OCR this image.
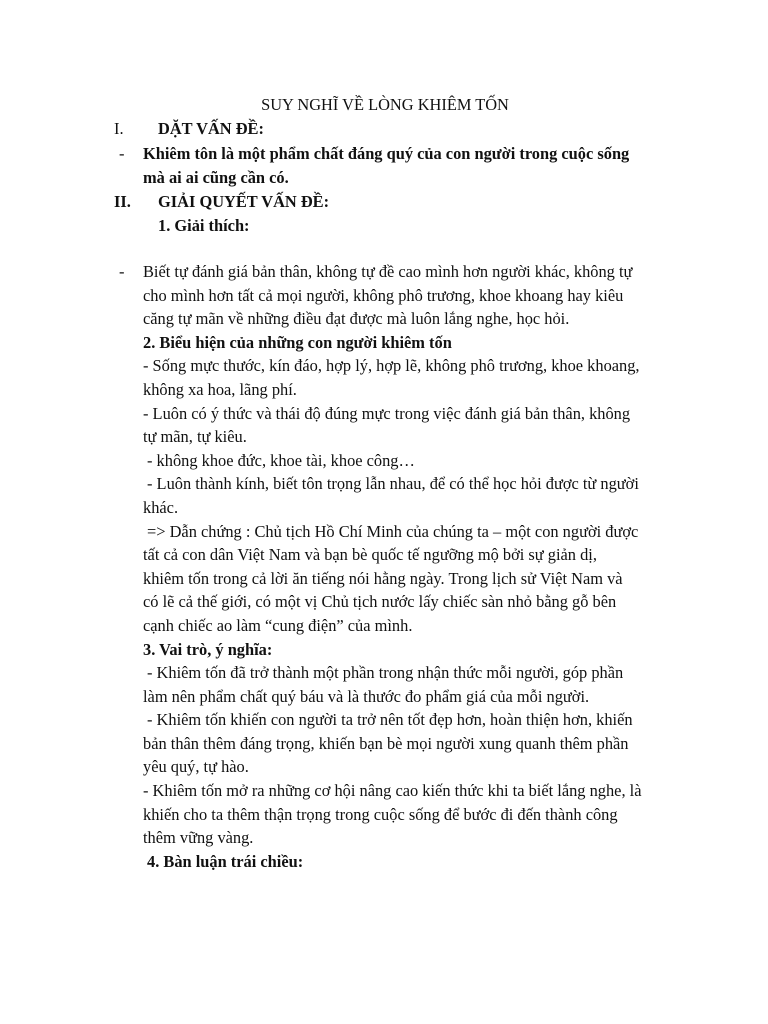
SUY NGHĨ VỀ LÒNG KHIÊM TỐN
I. DẶT VẤN ĐỀ:
- Khiêm tôn là một phẩm chất đáng quý của con người trong cuộc sống

mà ai ai cũng cần có.

II. GIẢI QUYẾT VẤN ĐỀ:
1. Giải thích:
- Biết tự đánh giá bản thân, không tự đề cao mình hơn người khác, không tự

cho mình hơn tất cả mọi người, không phô trương, khoe khoang hay kiêu

căng tự mãn về những điều đạt được mà luôn lắng nghe, học hỏi.

2. Biểu hiện của những con người khiêm tốn

- Sống mực thước, kín đáo, hợp lý, hợp lẽ, không phô trương, khoe khoang,

không xa hoa, lãng phí.

- Luôn có ý thức và thái độ đúng mực trong việc đánh giá bản thân, không

tự mãn, tự kiêu.

- không khoe đức, khoe tài, khoe công…

- Luôn thành kính, biết tôn trọng lẫn nhau, để có thể học hỏi được từ người

khác.

=> Dẫn chứng : Chủ tịch Hồ Chí Minh của chúng ta – một con người được

tất cả con dân Việt Nam và bạn bè quốc tế ngưỡng mộ bởi sự giản dị,

khiêm tốn trong cả lời ăn tiếng nói hằng ngày. Trong lịch sử Việt Nam và

có lẽ cả thế giới, có một vị Chủ tịch nước lấy chiếc sàn nhỏ bằng gỗ bên

cạnh chiếc ao làm “cung điện” của mình.

3. Vai trò, ý nghĩa:

- Khiêm tốn đã trở thành một phần trong nhận thức mỗi người, góp phần

làm nên phẩm chất quý báu và là thước đo phẩm giá của mỗi người.

- Khiêm tốn khiến con người ta trở nên tốt đẹp hơn, hoàn thiện hơn, khiến

bản thân thêm đáng trọng, khiến bạn bè mọi người xung quanh thêm phần

yêu quý, tự hào.

- Khiêm tốn mở ra những cơ hội nâng cao kiến thức khi ta biết lắng nghe, là

khiến cho ta thêm thận trọng trong cuộc sống để bước đi đến thành công

thêm vững vàng.

4. Bàn luận trái chiều:
